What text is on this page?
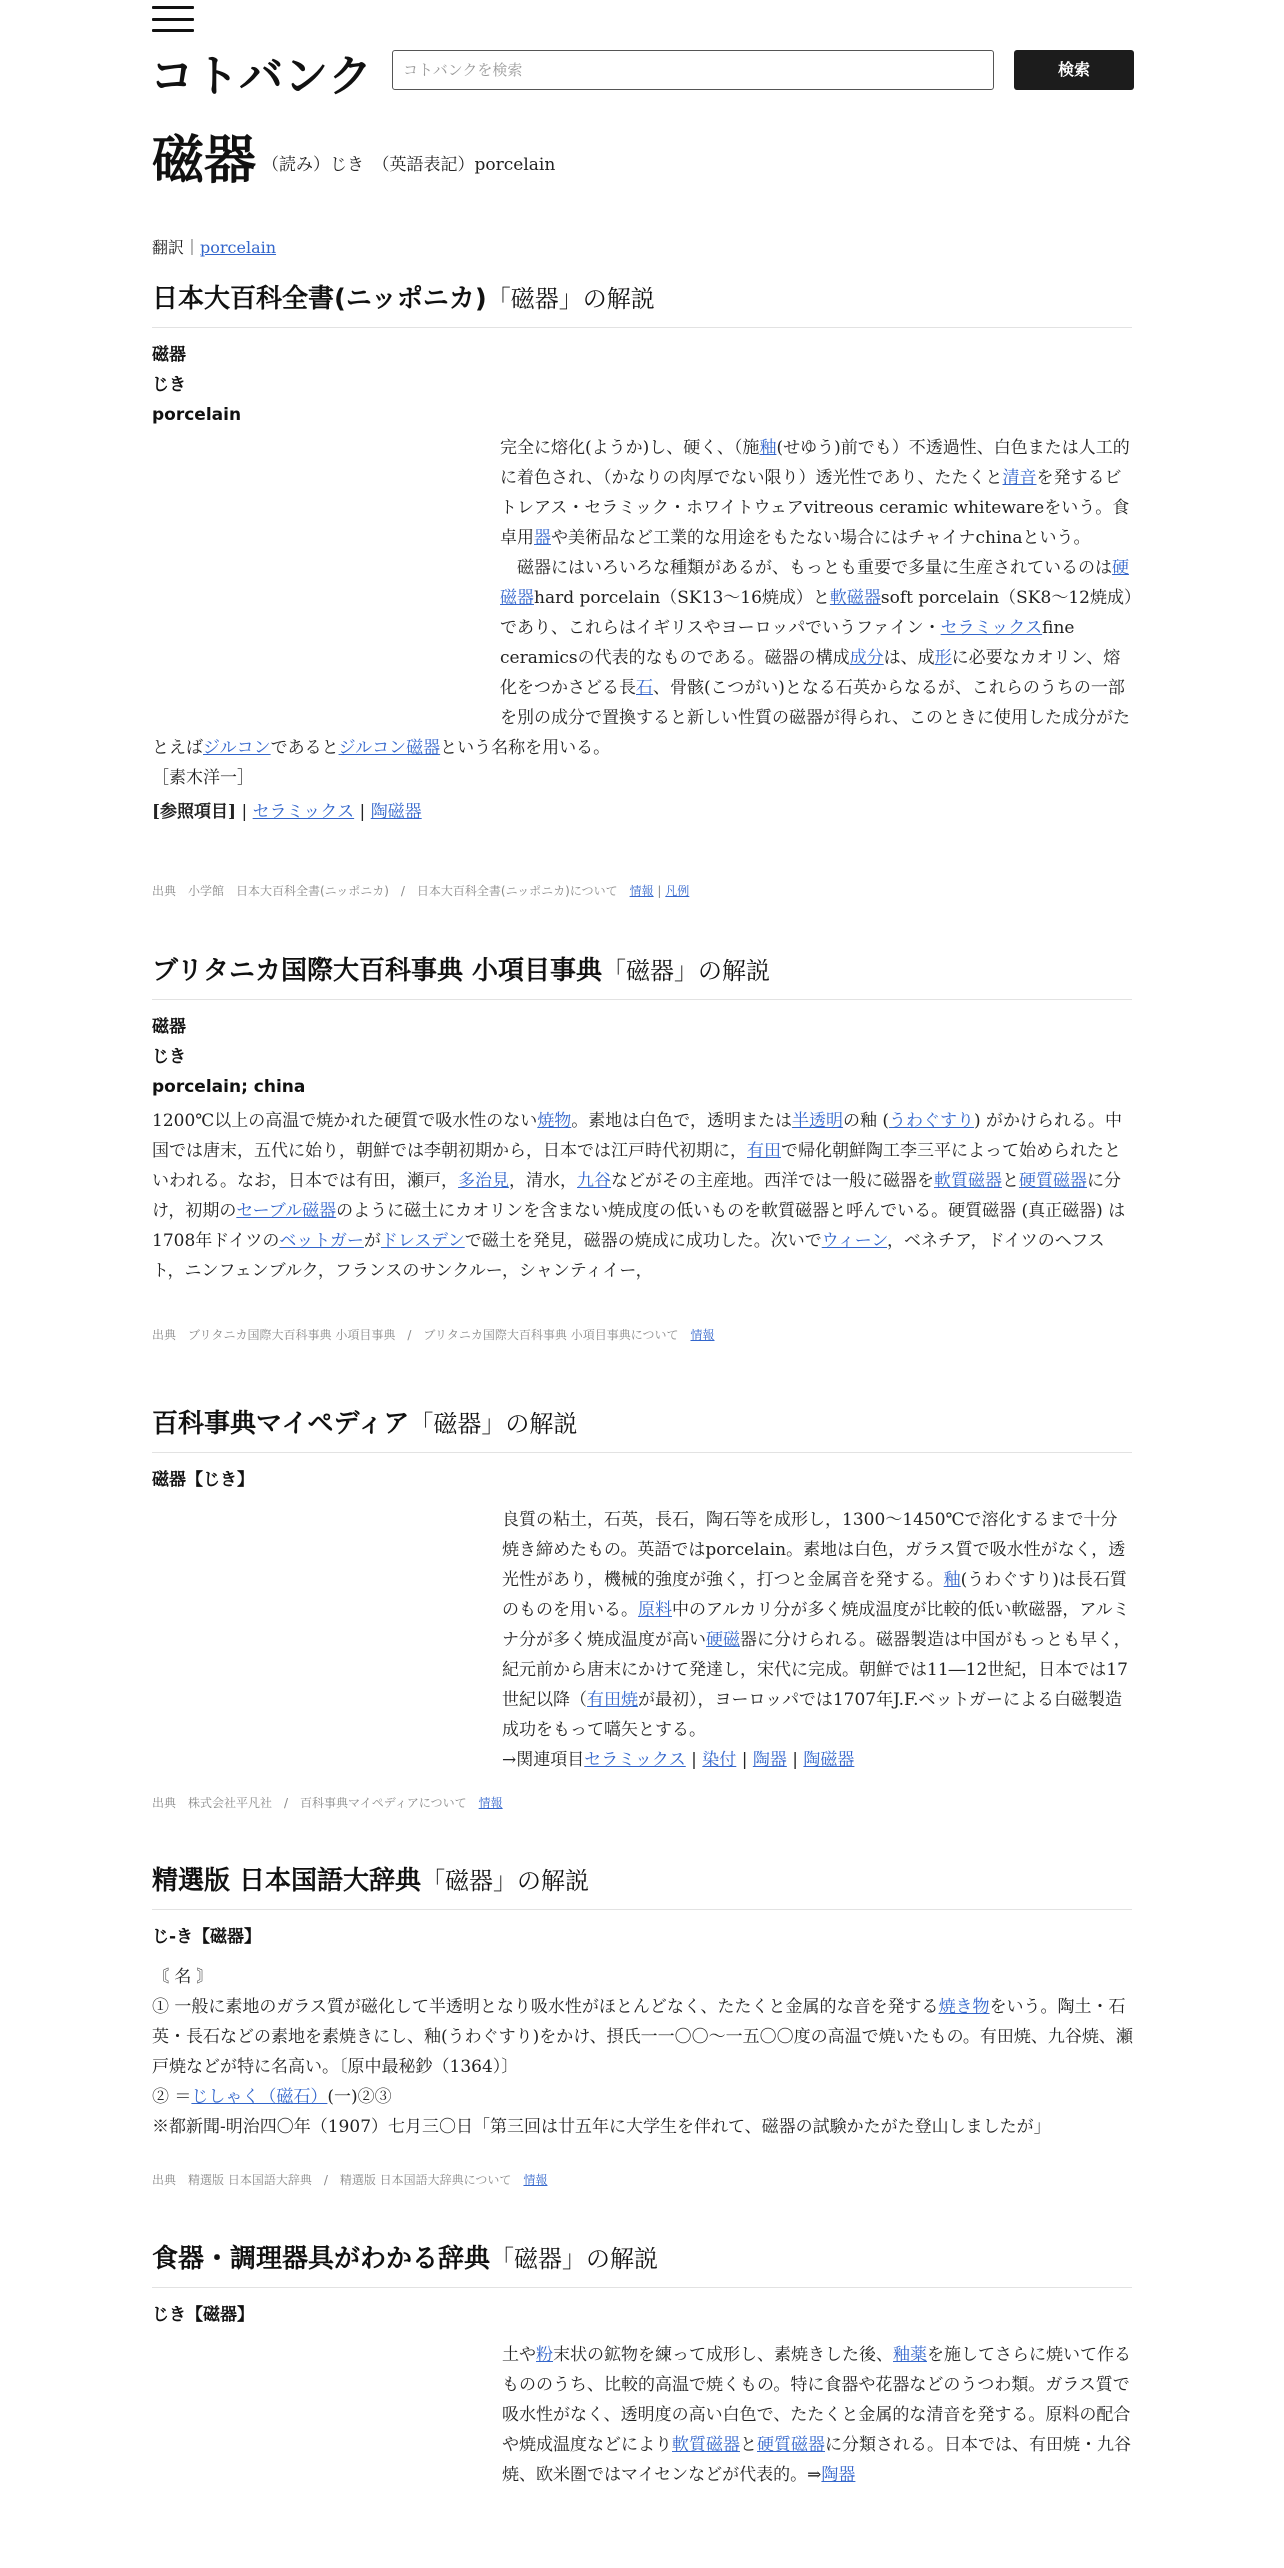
コトバンク	コトバンクを検索	検索
磁器 （読み）じき　（英語表記）porcelain
翻訳｜porcelain
日本大百科全書(ニッポニカ)「磁器」の解説
磁器
じき
porcelain
完全に熔化(ようか)し、硬く、（施釉(せゆう)前でも）不透過性、白色または人工的に着色され、（かなりの肉厚でない限り）透光性であり、たたくと清音を発するビトレアス・セラミック・ホワイトウェアvitreous ceramic whitewareをいう。食卓用器や美術品など工業的な用途をもたない場合にはチャイナchinaという。
磁器にはいろいろな種類があるが、もっとも重要で多量に生産されているのは硬磁器hard porcelain（SK13～16焼成）と軟磁器soft porcelain（SK8～12焼成）であり、これらはイギリスやヨーロッパでいうファイン・セラミックスfine ceramicsの代表的なものである。磁器の構成成分は、成形に必要なカオリン、熔化をつかさどる長石、骨骸(こつがい)となる石英からなるが、これらのうちの一部を別の成分で置換すると新しい性質の磁器が得られ、このときに使用した成分がたとえばジルコンであるとジルコン磁器という名称を用いる。
［素木洋一］
[参照項目] | セラミックス | 陶磁器
出典　小学館　日本大百科全書(ニッポニカ)　/　日本大百科全書(ニッポニカ)について　 情報 | 凡例
ブリタニカ国際大百科事典 小項目事典「磁器」の解説
磁器
じき
porcelain; china
1200℃以上の高温で焼かれた硬質で吸水性のない焼物。素地は白色で，透明または半透明の釉 (うわぐすり) がかけられる。中国では唐末，五代に始り，朝鮮では李朝初期から，日本では江戸時代初期に，有田で帰化朝鮮陶工李三平によって始められたといわれる。なお，日本では有田，瀬戸，多治見，清水，九谷などがその主産地。西洋では一般に磁器を軟質磁器と硬質磁器に分け，初期のセーブル磁器のように磁土にカオリンを含まない焼成度の低いものを軟質磁器と呼んでいる。硬質磁器 (真正磁器) は 1708年ドイツのベットガーがドレスデンで磁土を発見，磁器の焼成に成功した。次いでウィーン，ベネチア，ドイツのヘフスト，ニンフェンブルク，フランスのサンクルー，シャンティイー，
出典　ブリタニカ国際大百科事典 小項目事典　/　ブリタニカ国際大百科事典 小項目事典について　 情報
百科事典マイペディア「磁器」の解説
磁器【じき】
良質の粘土，石英，長石，陶石等を成形し，1300〜1450℃で溶化するまで十分焼き締めたもの。英語ではporcelain。素地は白色，ガラス質で吸水性がなく，透光性があり，機械的強度が強く，打つと金属音を発する。釉(うわぐすり)は長石質のものを用いる。原料中のアルカリ分が多く焼成温度が比較的低い軟磁器，アルミナ分が多く焼成温度が高い硬磁器に分けられる。磁器製造は中国がもっとも早く，紀元前から唐末にかけて発達し，宋代に完成。朝鮮では11―12世紀，日本では17世紀以降（有田焼が最初），ヨーロッパでは1707年J.F.ベットガーによる白磁製造成功をもって嚆矢とする。
→関連項目セラミックス | 染付 | 陶器 | 陶磁器
出典　株式会社平凡社　/　百科事典マイペディアについて　 情報
精選版 日本国語大辞典「磁器」の解説
じ‐き【磁器】
〘 名 〙
① 一般に素地のガラス質が磁化して半透明となり吸水性がほとんどなく、たたくと金属的な音を発する焼き物をいう。陶土・石英・長石などの素地を素焼きにし、釉(うわぐすり)をかけ、摂氏一一〇〇～一五〇〇度の高温で焼いたもの。有田焼、九谷焼、瀬戸焼などが特に名高い。〔原中最秘鈔（1364）〕
② ＝じしゃく（磁石）(一)②③
※都新聞‐明治四〇年（1907）七月三〇日「第三回は廿五年に大学生を伴れて、磁器の試験かたがた登山しましたが」
出典　精選版 日本国語大辞典　/　精選版 日本国語大辞典について　 情報
食器・調理器具がわかる辞典「磁器」の解説
じき【磁器】
土や粉末状の鉱物を練って成形し、素焼きした後、釉薬を施してさらに焼いて作るもののうち、比較的高温で焼くもの。特に食器や花器などのうつわ類。ガラス質で吸水性がなく、透明度の高い白色で、たたくと金属的な清音を発する。原料の配合や焼成温度などにより軟質磁器と硬質磁器に分類される。日本では、有田焼・九谷焼、欧米圏ではマイセンなどが代表的。⇒陶器
